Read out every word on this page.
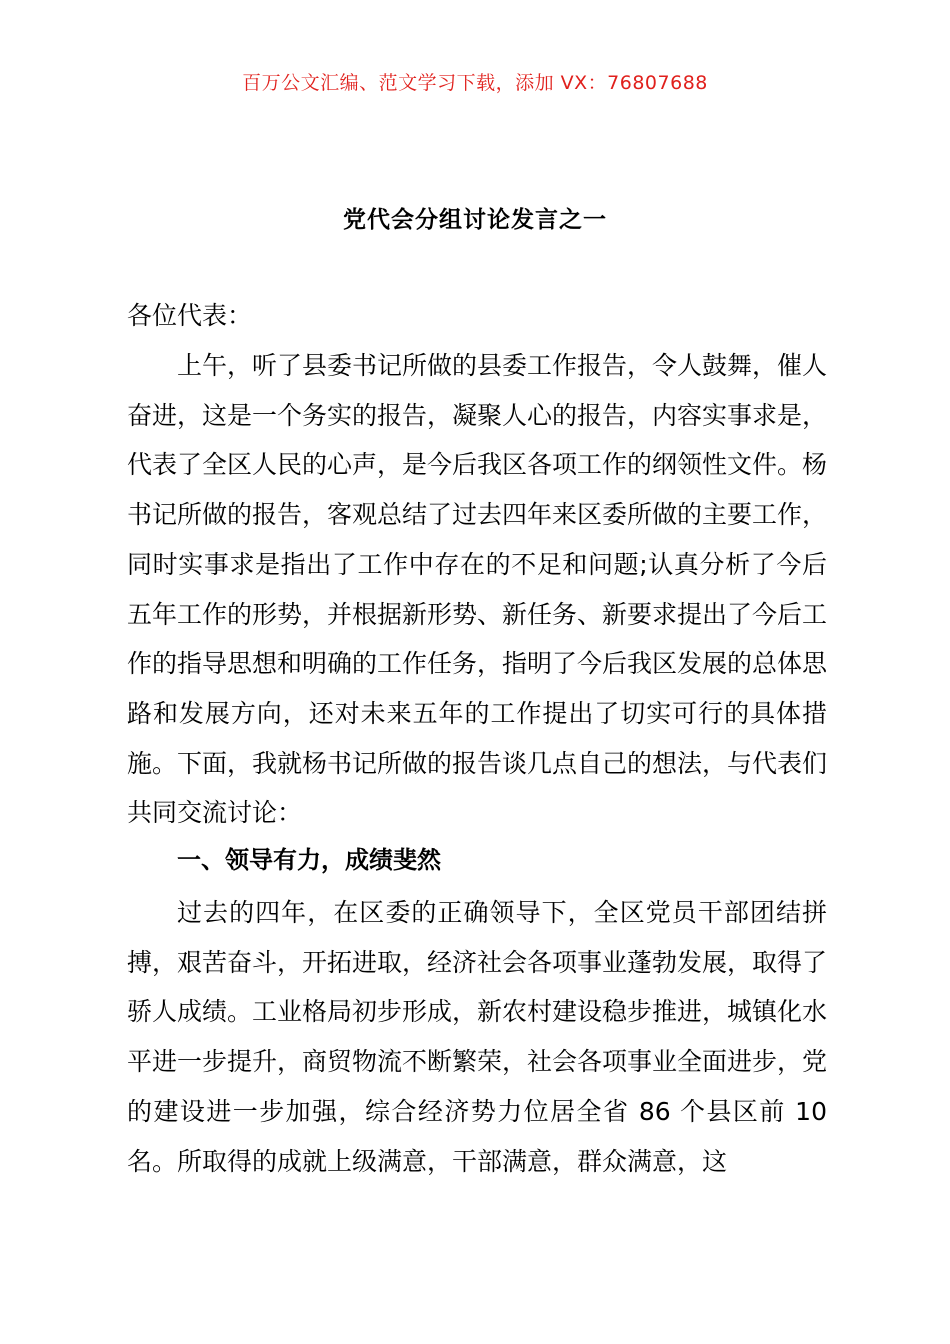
百万公文汇编、范文学习下载，添加 VX：76807688
党代会分组讨论发言之一
各位代表：

上午，听了县委书记所做的县委工作报告，令人鼓舞，催人奋进，这是一个务实的报告，凝聚人心的报告，内容实事求是，代表了全区人民的心声，是今后我区各项工作的纲领性文件。杨书记所做的报告，客观总结了过去四年来区委所做的主要工作，同时实事求是指出了工作中存在的不足和问题;认真分析了今后五年工作的形势，并根据新形势、新任务、新要求提出了今后工作的指导思想和明确的工作任务，指明了今后我区发展的总体思路和发展方向，还对未来五年的工作提出了切实可行的具体措施。下面，我就杨书记所做的报告谈几点自己的想法，与代表们共同交流讨论：

一、领导有力，成绩斐然

过去的四年，在区委的正确领导下，全区党员干部团结拼搏，艰苦奋斗，开拓进取，经济社会各项事业蓬勃发展，取得了骄人成绩。工业格局初步形成，新农村建设稳步推进，城镇化水平进一步提升，商贸物流不断繁荣，社会各项事业全面进步，党的建设进一步加强，综合经济势力位居全省 86 个县区前 10 名。所取得的成就上级满意，干部满意，群众满意，这
